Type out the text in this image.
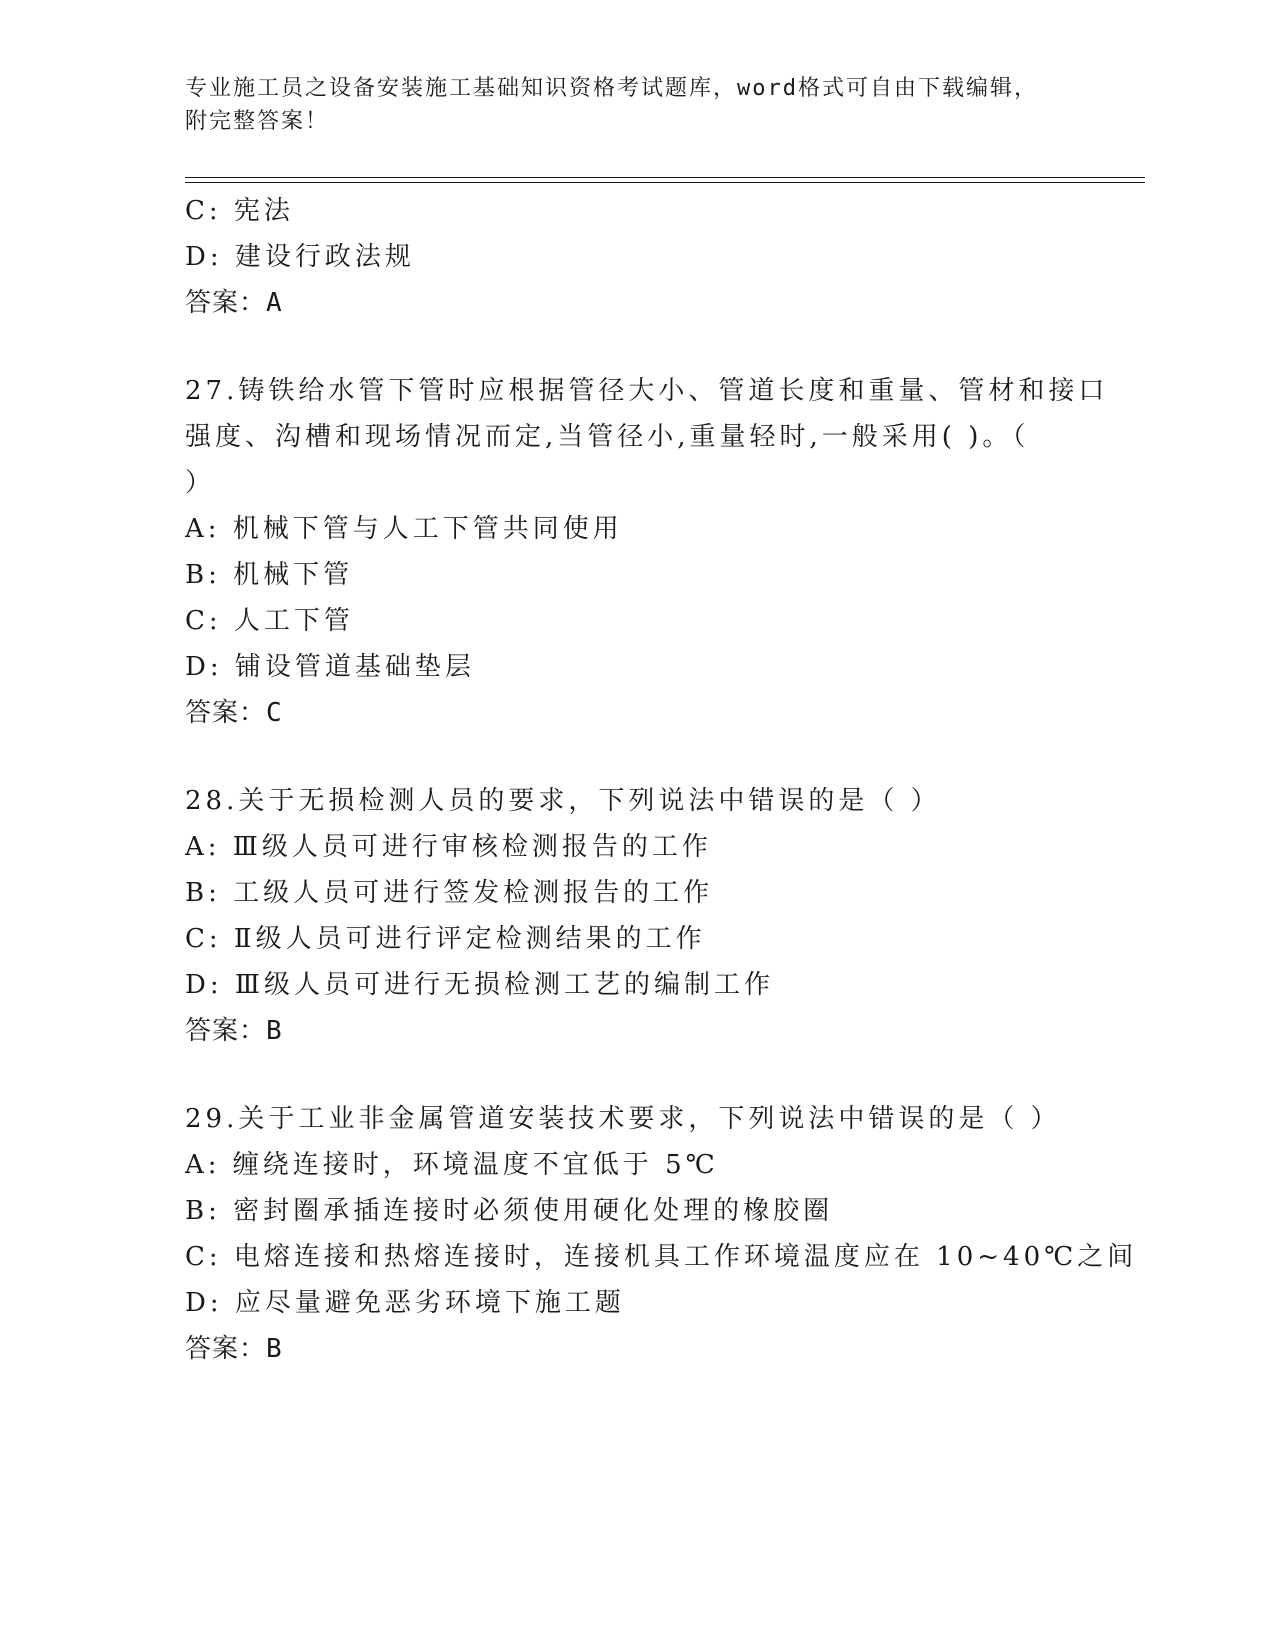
专业施工员之设备安装施工基础知识资格考试题库，word格式可自由下载编辑，
附完整答案！
C: 宪法
D: 建设行政法规
答案：A
27.铸铁给水管下管时应根据管径大小、管道长度和重量、管材和接口
强度、沟槽和现场情况而定,当管径小,重量轻时,一般采用( )。（
）
A: 机械下管与人工下管共同使用
B: 机械下管
C: 人工下管
D: 铺设管道基础垫层
答案：C
28.关于无损检测人员的要求，下列说法中错误的是（ ）
A: Ⅲ级人员可进行审核检测报告的工作
B: 工级人员可进行签发检测报告的工作
C: Ⅱ级人员可进行评定检测结果的工作
D: Ⅲ级人员可进行无损检测工艺的编制工作
答案：B
29.关于工业非金属管道安装技术要求，下列说法中错误的是（ ）
A: 缠绕连接时，环境温度不宜低于 5℃
B: 密封圈承插连接时必须使用硬化处理的橡胶圈
C: 电熔连接和热熔连接时，连接机具工作环境温度应在 10~40℃之间
D: 应尽量避免恶劣环境下施工题
答案：B
